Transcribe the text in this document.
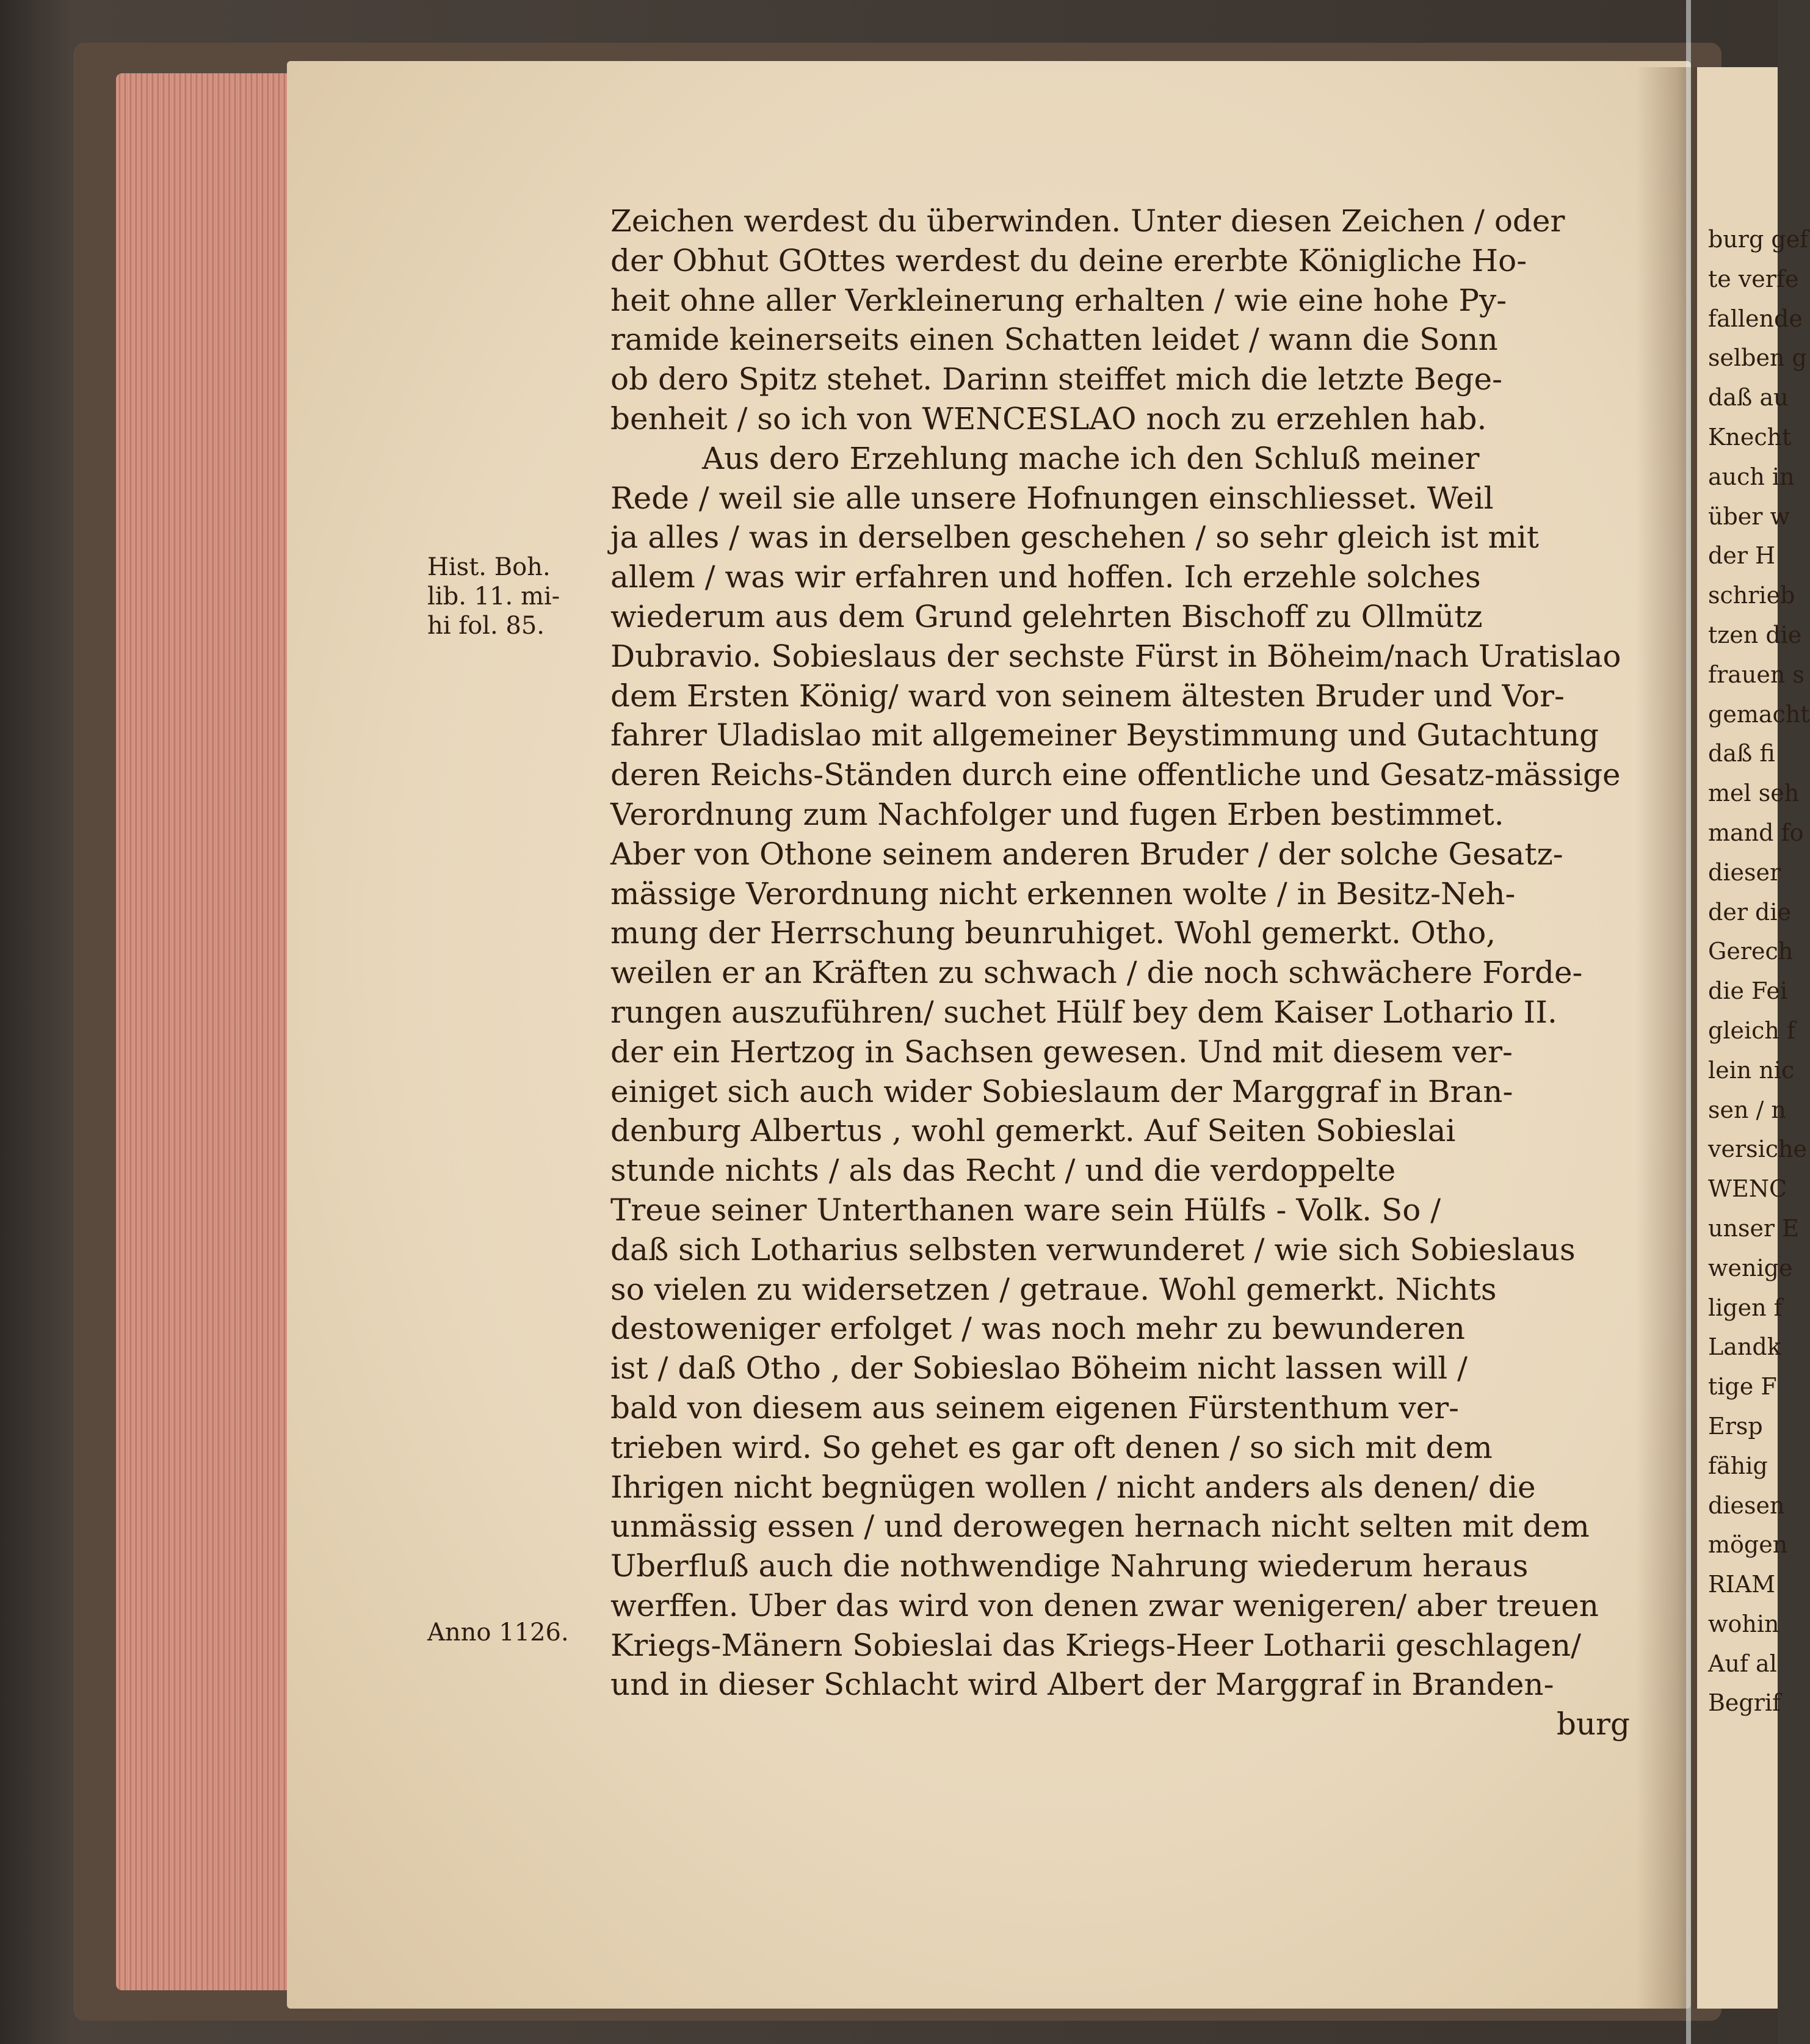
Hist. Boh.
lib. 11. mi-
hi fol. 85.
Anno 1126.
Zeichen werdest du überwinden. Unter diesen Zeichen / oder
der Obhut GOttes werdest du deine ererbte Königliche Ho-
heit ohne aller Verkleinerung erhalten / wie eine hohe Py-
ramide keinerseits einen Schatten leidet / wann die Sonn
ob dero Spitz stehet. Darinn steiffet mich die letzte Bege-
benheit / so ich von WENCESLAO noch zu erzehlen hab.
Aus dero Erzehlung mache ich den Schluß meiner
Rede / weil sie alle unsere Hofnungen einschliesset. Weil
ja alles / was in derselben geschehen / so sehr gleich ist mit
allem / was wir erfahren und hoffen. Ich erzehle solches
wiederum aus dem Grund gelehrten Bischoff zu Ollmütz
Dubravio. Sobieslaus der sechste Fürst in Böheim/nach Uratislao
dem Ersten König/ ward von seinem ältesten Bruder und Vor-
fahrer Uladislao mit allgemeiner Beystimmung und Gutachtung
deren Reichs-Ständen durch eine offentliche und Gesatz-mässige
Verordnung zum Nachfolger und fugen Erben bestimmet.
Aber von Othone seinem anderen Bruder / der solche Gesatz-
mässige Verordnung nicht erkennen wolte / in Besitz-Neh-
mung der Herrschung beunruhiget. Wohl gemerkt. Otho,
weilen er an Kräften zu schwach / die noch schwächere Forde-
rungen auszuführen/ suchet Hülf bey dem Kaiser Lothario II.
der ein Hertzog in Sachsen gewesen. Und mit diesem ver-
einiget sich auch wider Sobieslaum der Marggraf in Bran-
denburg Albertus , wohl gemerkt. Auf Seiten Sobieslai
stunde nichts / als das Recht / und die verdoppelte
Treue seiner Unterthanen ware sein Hülfs - Volk. So /
daß sich Lotharius selbsten verwunderet / wie sich Sobieslaus
so vielen zu widersetzen / getraue. Wohl gemerkt. Nichts
destoweniger erfolget / was noch mehr zu bewunderen
ist / daß Otho , der Sobieslao Böheim nicht lassen will /
bald von diesem aus seinem eigenen Fürstenthum ver-
trieben wird. So gehet es gar oft denen / so sich mit dem
Ihrigen nicht begnügen wollen / nicht anders als denen/ die
unmässig essen / und derowegen hernach nicht selten mit dem
Uberfluß auch die nothwendige Nahrung wiederum heraus
werffen. Uber das wird von denen zwar wenigeren/ aber treuen
Kriegs-Mänern Sobieslai das Kriegs-Heer Lotharii geschlagen/
und in dieser Schlacht wird Albert der Marggraf in Branden-
burg
burg gef
te verfe
fallende
selben g
daß au
Knecht
auch in
über w
der H
schrieb
tzen die
frauen s
gemacht
daß fi
mel seh
mand fo
dieser
der die
Gerech
die Fei
gleich f
lein nic
sen / n
versiche
WENC
unser E
wenige
ligen f
Landk
tige F
Ersp
fähig
diesen
mögen
RIAM
wohin
Auf al
Begrif
